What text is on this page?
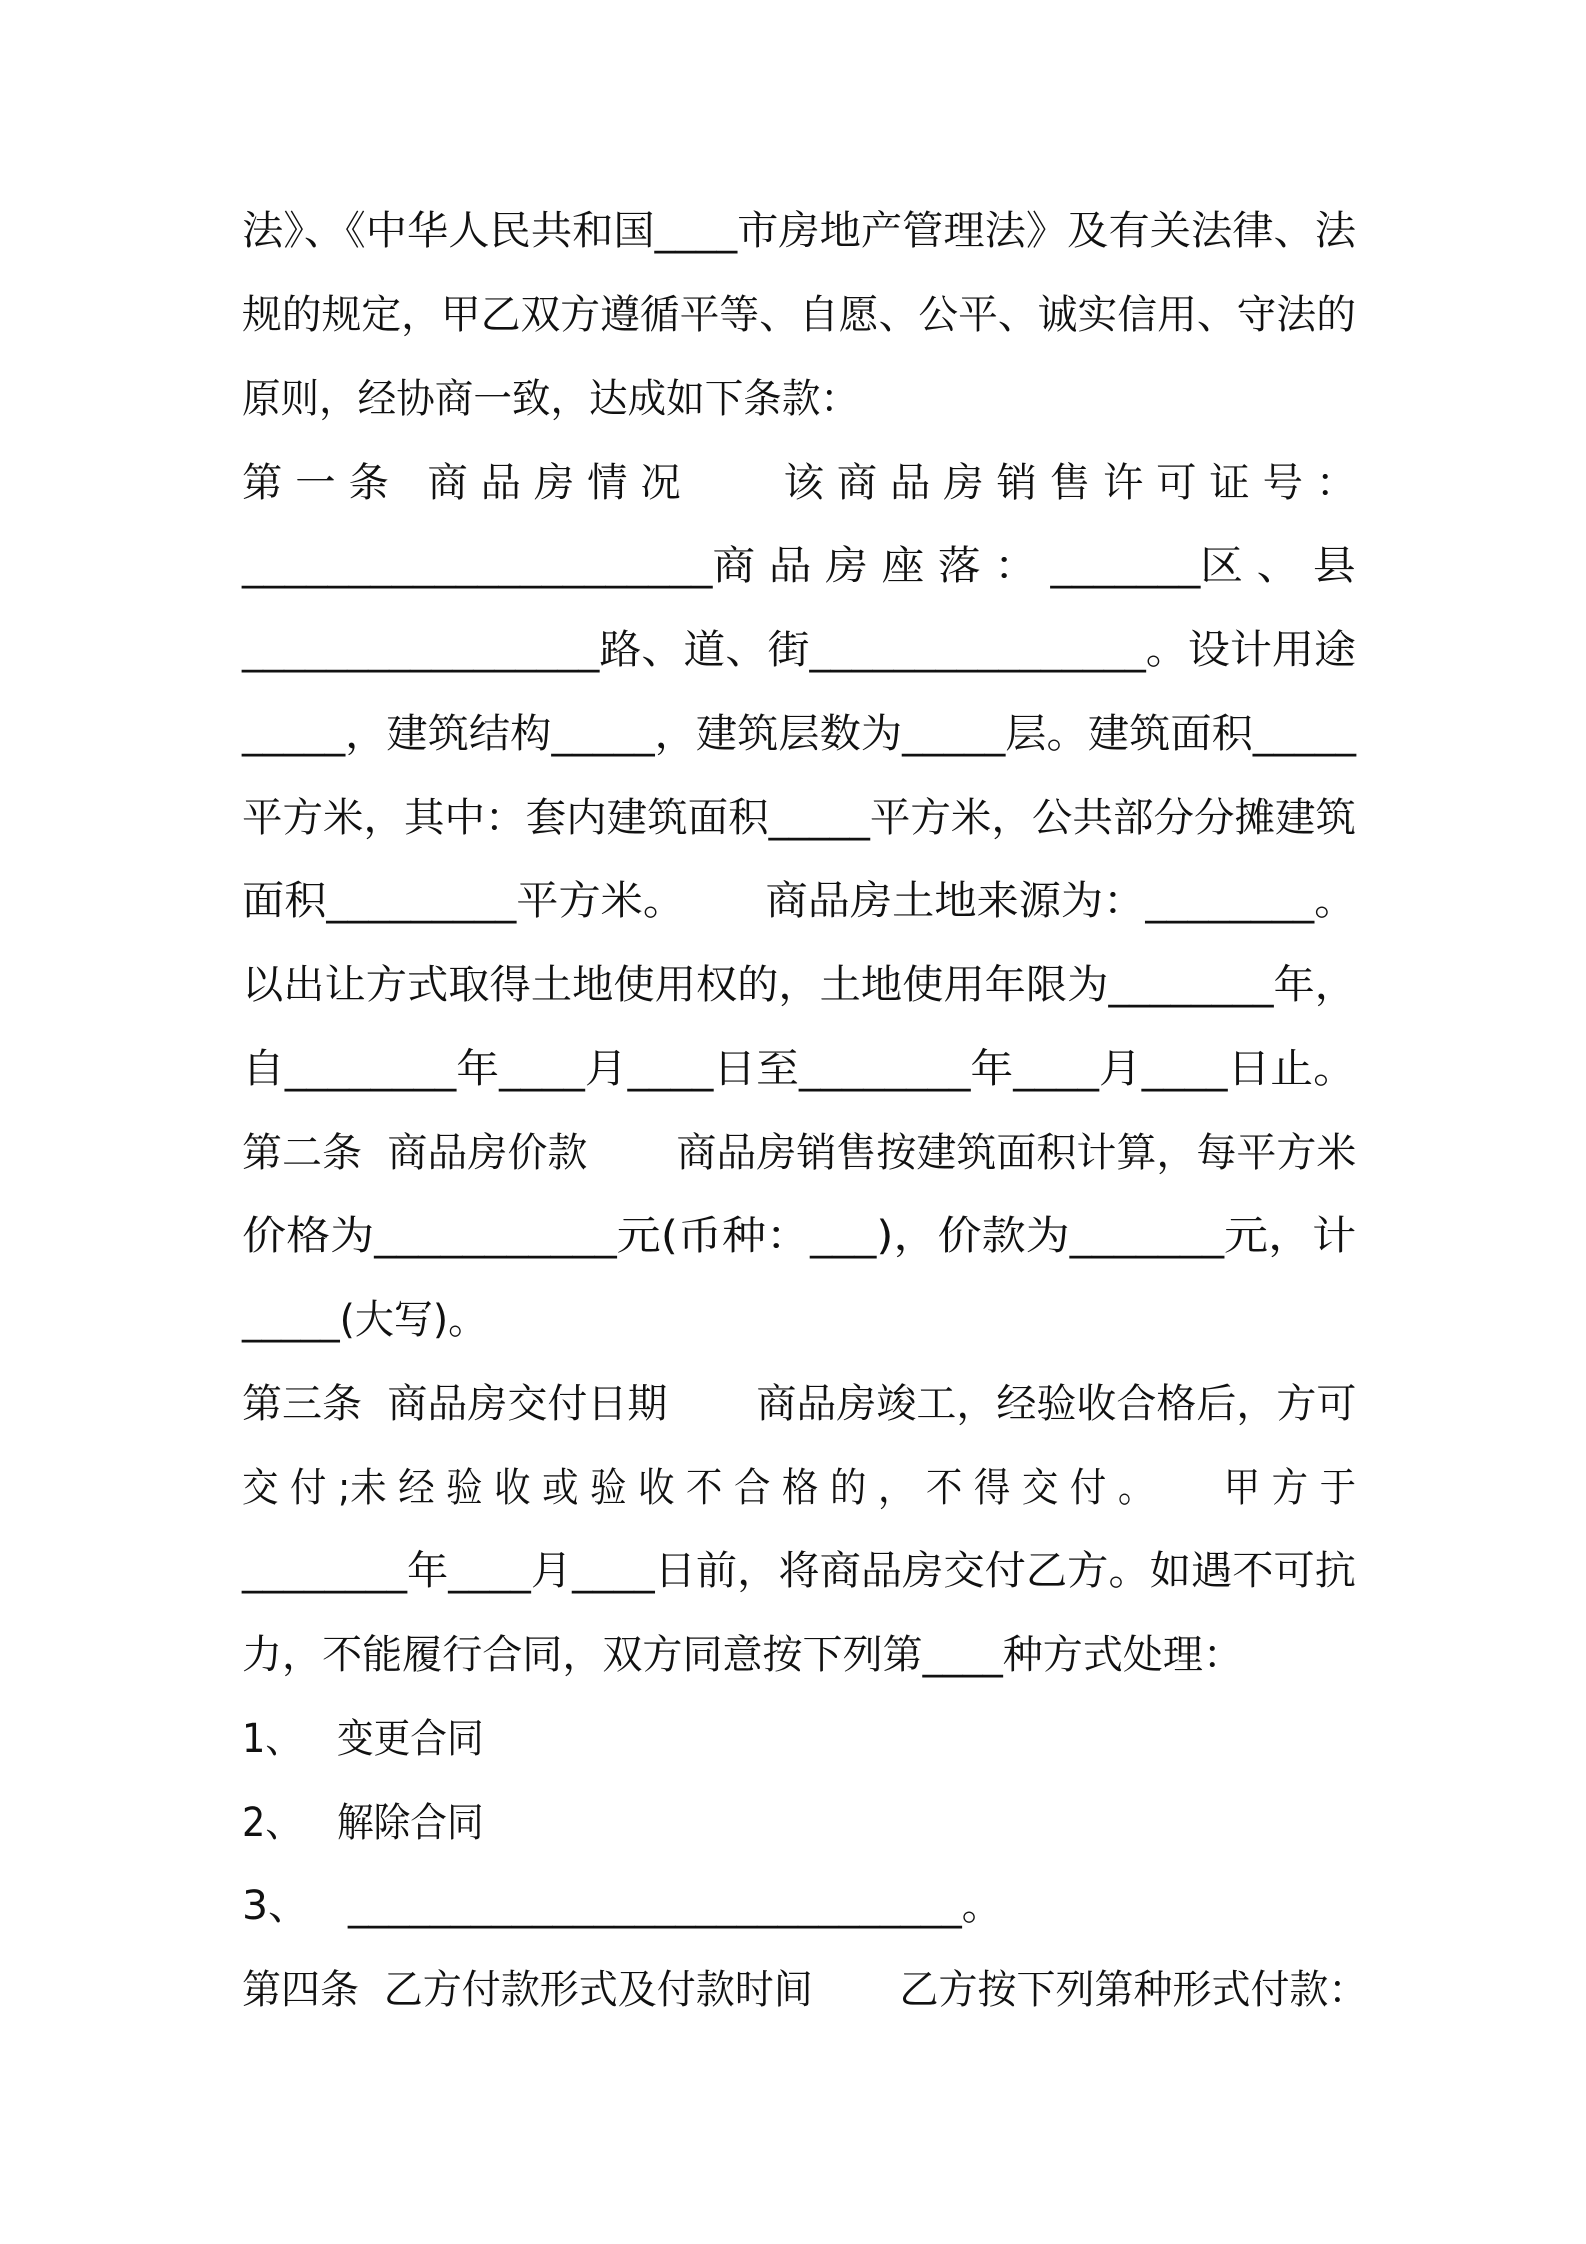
法》、《中华人民共和国____市房地产管理法》及有关法律、法
规的规定，甲乙双方遵循平等、自愿、公平、诚实信用、守法的
原则，经协商一致，达成如下条款：
第 一 条   商 品 房 情 况        该 商 品 房 销 售 许 可 证 号 ：
______________________商 品 房 座 落 ： _______区 、 县
_________________路、道、街________________。设计用途
_____，建筑结构_____，建筑层数为_____层。建筑面积_____
平方米，其中：套内建筑面积_____平方米，公共部分分摊建筑
面积_________平方米。      商品房土地来源为：________。
以出让方式取得土地使用权的，土地使用年限为________年，
自________年____月____日至________年____月____日止。
第二条  商品房价款       商品房销售按建筑面积计算，每平方米
价格为___________元(币种：___)，价款为_______元，计
_____(大写)。
第三条  商品房交付日期       商品房竣工，经验收合格后，方可
交 付 ;未 经 验 收 或 验 收 不 合 格 的 ， 不 得 交 付 。      甲 方 于
________年____月____日前，将商品房交付乙方。如遇不可抗
力，不能履行合同，双方同意按下列第____种方式处理：
1、   变更合同
2、   解除合同
3、   ______________________________。
第四条  乙方付款形式及付款时间       乙方按下列第种形式付款：
